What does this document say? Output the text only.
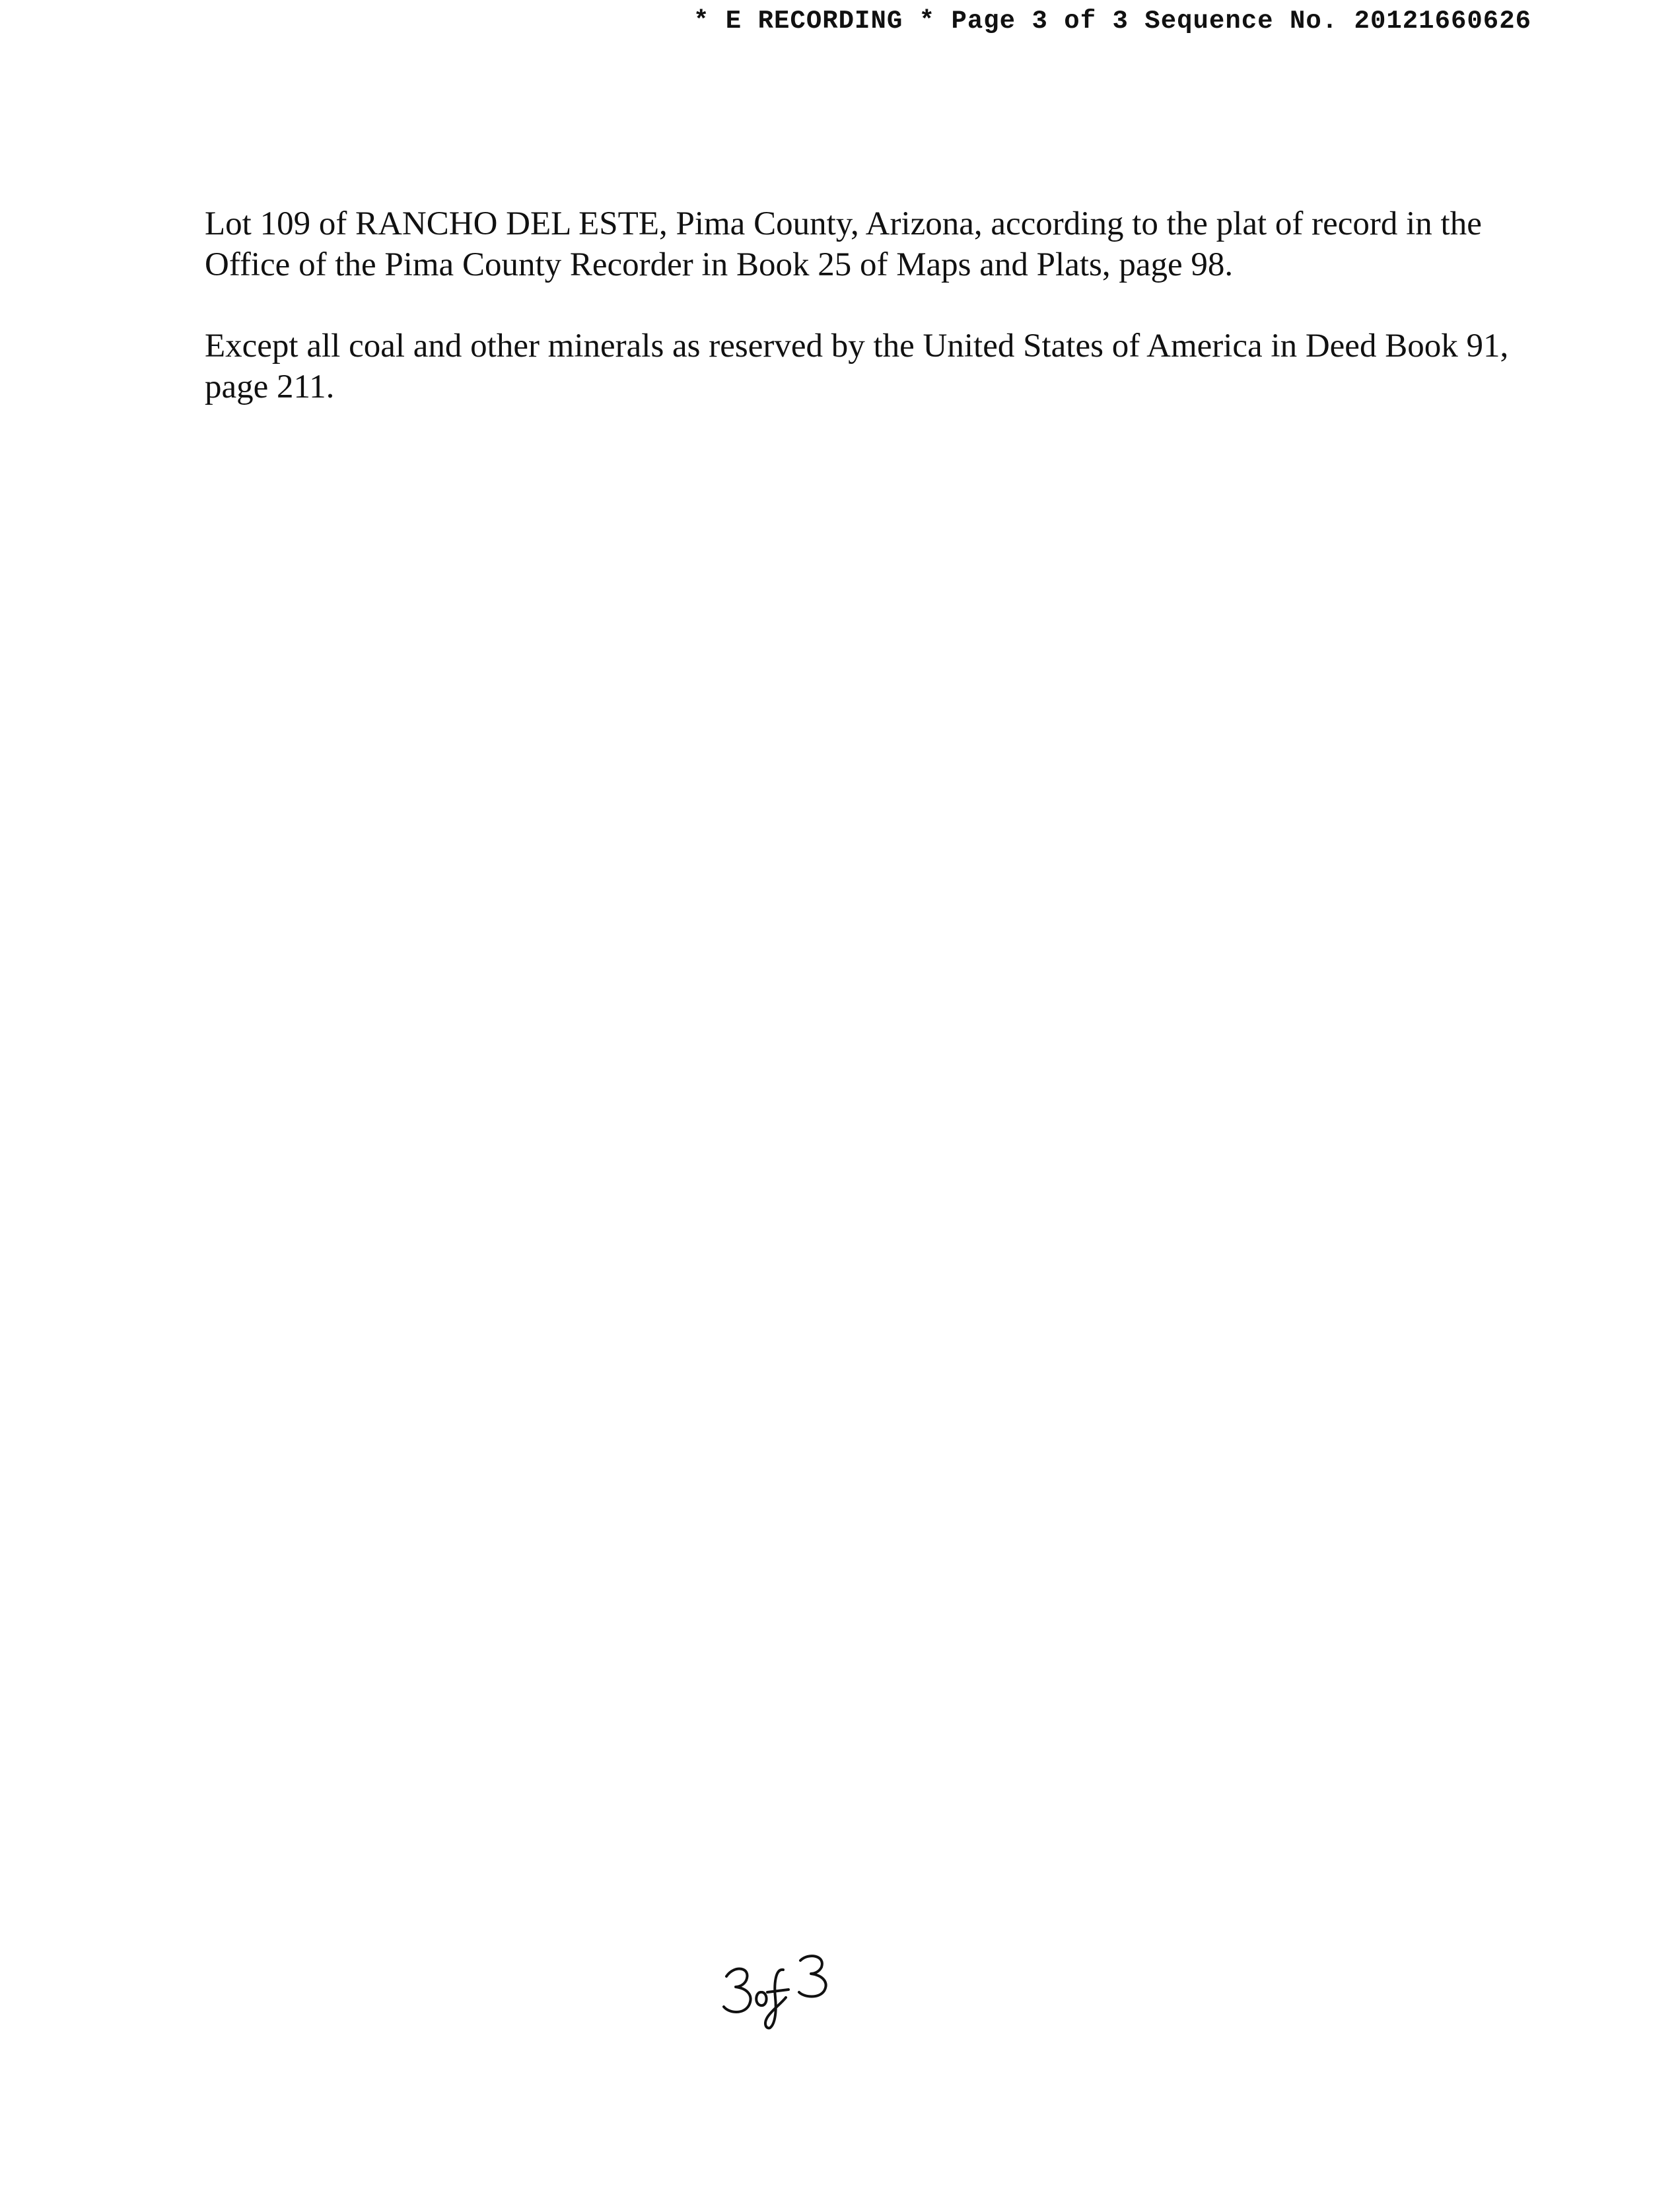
* E RECORDING * Page 3 of 3 Sequence No. 20121660626
Lot 109 of RANCHO DEL ESTE, Pima County, Arizona, according to the plat of record in the
Office of the Pima County Recorder in Book 25 of Maps and Plats, page 98.
Except all coal and other minerals as reserved by the United States of America in Deed Book 91,
page 211.
